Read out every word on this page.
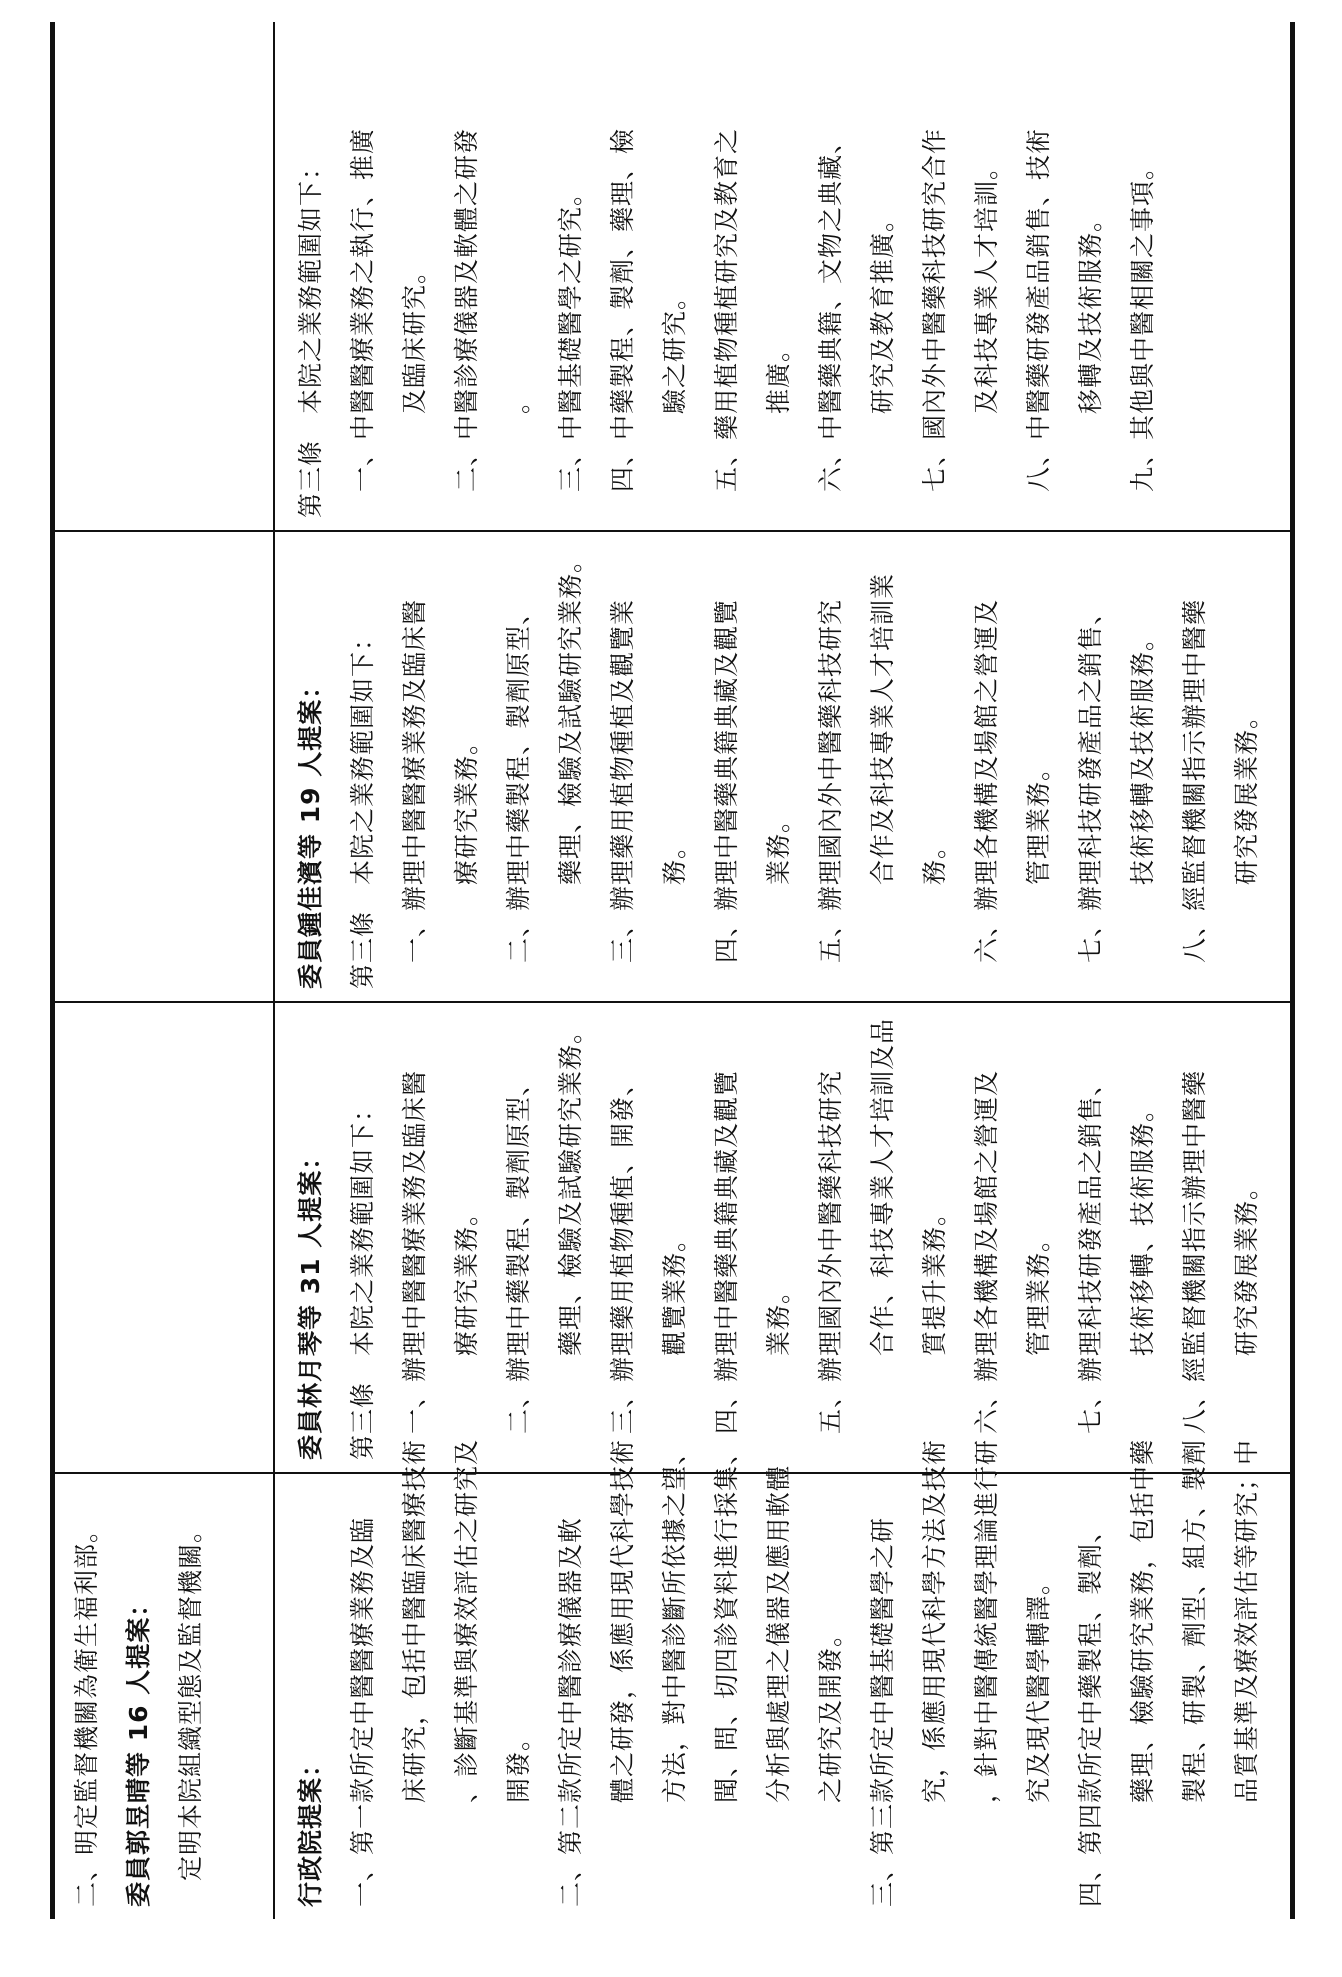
二、明定監督機關為衛生福利部。 委員郭昱晴等 16 人提案： 定明本院組織型態及監督機關。	行政院提案： 一、第一款所定中醫醫療業務及臨 床研究，包括中醫臨床醫療技術 、診斷基準與療效評估之研究及 開發。 二、第二款所定中醫診療儀器及軟 體之研發，係應用現代科學技術 方法，對中醫診斷所依據之望、 聞、問、切四診資料進行採集、 分析與處理之儀器及應用軟體 之研究及開發。 三、第三款所定中醫基礎醫學之研 究，係應用現代科學方法及技術 ，針對中醫傳統醫學理論進行研 究及現代醫學轉譯。 四、第四款所定中藥製程、製劑、 藥理、檢驗研究業務，包括中藥 製程、研製、劑型、組方、製劑 品質基準及療效評估等研究；中
委員林月琴等 31 人提案： 第三條　本院之業務範圍如下： 一、辦理中醫醫療業務及臨床醫 療研究業務。 二、辦理中藥製程、製劑原型、 藥理、檢驗及試驗研究業務。 三、辦理藥用植物種植、開發、 觀覽業務。 四、辦理中醫藥典籍典藏及觀覽 業務。 五、辦理國內外中醫藥科技研究 合作、科技專業人才培訓及品 質提升業務。 六、辦理各機構及場館之營運及 管理業務。 七、辦理科技研發產品之銷售、 技術移轉、技術服務。 八、經監督機關指示辦理中醫藥 研究發展業務。
委員鍾佳濱等 19 人提案： 第三條　本院之業務範圍如下： 一、辦理中醫醫療業務及臨床醫 療研究業務。 二、辦理中藥製程、製劑原型、 藥理、檢驗及試驗研究業務。 三、辦理藥用植物種植及觀覽業 務。 四、辦理中醫藥典籍典藏及觀覽 業務。 五、辦理國內外中醫藥科技研究 合作及科技專業人才培訓業 務。 六、辦理各機構及場館之營運及 管理業務。 七、辦理科技研發產品之銷售、 技術移轉及技術服務。 八、經監督機關指示辦理中醫藥 研究發展業務。
第三條　本院之業務範圍如下： 一、中醫醫療業務之執行、推廣 及臨床研究。 二、中醫診療儀器及軟體之研發 。 三、中醫基礎醫學之研究。 四、中藥製程、製劑、藥理、檢 驗之研究。 五、藥用植物種植研究及教育之 推廣。 六、中醫藥典籍、文物之典藏、 研究及教育推廣。 七、國內外中醫藥科技研究合作 及科技專業人才培訓。 八、中醫藥研發產品銷售、技術 移轉及技術服務。 九、其他與中醫相關之事項。
